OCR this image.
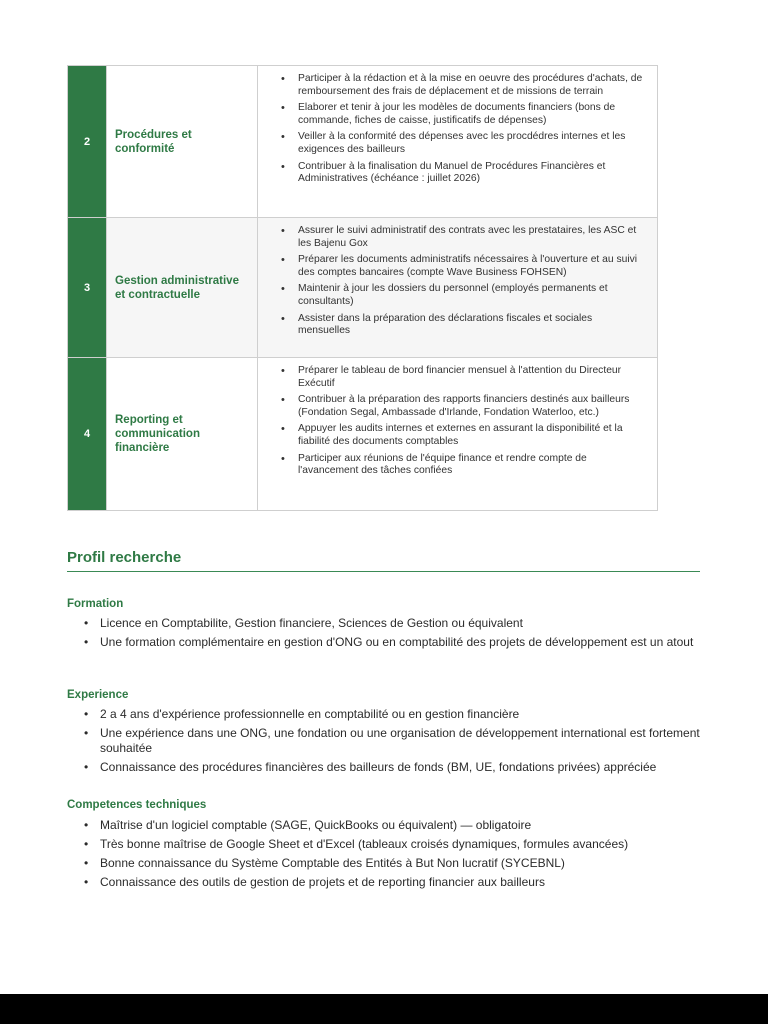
2
Procédures et conformité
• Participer à la rédaction et à la mise en oeuvre des procédures d'achats, de remboursement des frais de déplacement et de missions de terrain
• Elaborer et tenir à jour les modèles de documents financiers (bons de commande, fiches de caisse, justificatifs de dépenses)
• Veiller à la conformité des dépenses avec les procdédres internes et les exigences des bailleurs
• Contribuer à la finalisation du Manuel de Procédures Financières et Administratives (échéance : juillet 2026)
3
Gestion administrative et contractuelle
• Assurer le suivi administratif des contrats avec les prestataires, les ASC et les Bajenu Gox
• Préparer les documents administratifs nécessaires à l'ouverture et au suivi des comptes bancaires (compte Wave Business FOHSEN)
• Maintenir à jour les dossiers du personnel (employés permanents et consultants)
• Assister dans la préparation des déclarations fiscales et sociales mensuelles
4
Reporting et communication financière
• Préparer le tableau de bord financier mensuel à l'attention du Directeur Exécutif
• Contribuer à la préparation des rapports financiers destinés aux bailleurs (Fondation Segal, Ambassade d'Irlande, Fondation Waterloo, etc.)
• Appuyer les audits internes et externes en assurant la disponibilité et la fiabilité des documents comptables
• Participer aux réunions de l'équipe finance et rendre compte de l'avancement des tâches confiées
Profil recherche
Formation
• Licence en Comptabilite, Gestion financiere, Sciences de Gestion ou équivalent
• Une formation complémentaire en gestion d'ONG ou en comptabilité des projets de développement est un atout
Experience
• 2 a 4 ans d'expérience professionnelle en comptabilité ou en gestion financière
• Une expérience dans une ONG, une fondation ou une organisation de développement international est fortement souhaitée
• Connaissance des procédures financières des bailleurs de fonds (BM, UE, fondations privées) appréciée
Competences techniques
• Maîtrise d'un logiciel comptable (SAGE, QuickBooks ou équivalent) — obligatoire
• Très bonne maîtrise de Google Sheet et d'Excel (tableaux croisés dynamiques, formules avancées)
• Bonne connaissance du Système Comptable des Entités à But Non lucratif (SYCEBNL)
• Connaissance des outils de gestion de projets et de reporting financier aux bailleurs
